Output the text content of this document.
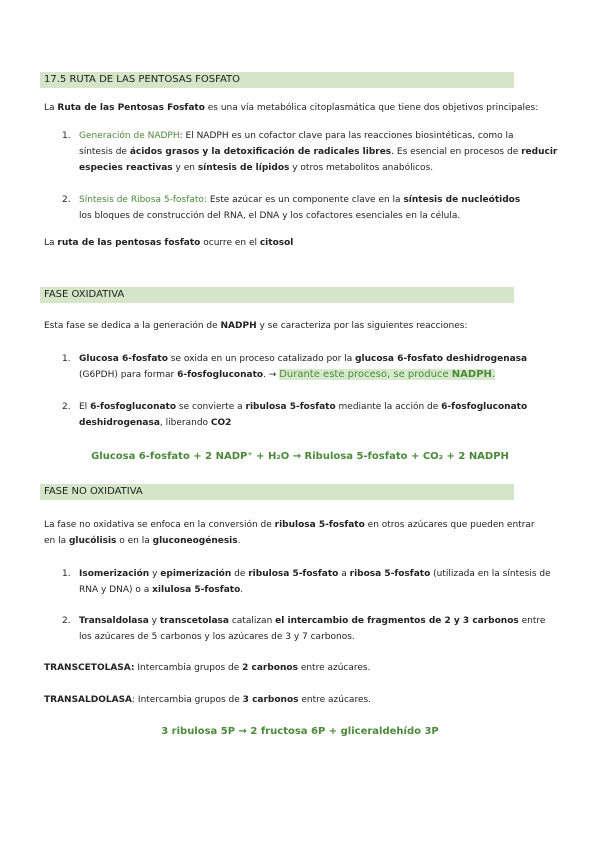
17.5 RUTA DE LAS PENTOSAS FOSFATO
La Ruta de las Pentosas Fosfato es una vía metabólica citoplasmática que tiene dos objetivos principales:
1. Generación de NADPH: El NADPH es un cofactor clave para las reacciones biosintéticas, como la
síntesis de ácidos grasos y la detoxificación de radicales libres. Es esencial en procesos de reducir
especies reactivas y en síntesis de lípidos y otros metabolitos anabólicos.
2. Síntesis de Ribosa 5-fosfato: Este azúcar es un componente clave en la síntesis de nucleótidos
los bloques de construcción del RNA, el DNA y los cofactores esenciales en la célula.
La ruta de las pentosas fosfato ocurre en el citosol
FASE OXIDATIVA
Esta fase se dedica a la generación de NADPH y se caracteriza por las siguientes reacciones:
1. Glucosa 6-fosfato se oxida en un proceso catalizado por la glucosa 6-fosfato deshidrogenasa
(G6PDH) para formar 6-fosfogluconato. → Durante este proceso, se produce NADPH.
2. El 6-fosfogluconato se convierte a ribulosa 5-fosfato mediante la acción de 6-fosfogluconato
deshidrogenasa, liberando CO2
Glucosa 6-fosfato + 2 NADP⁺ + H₂O → Ribulosa 5-fosfato + CO₂ + 2 NADPH
FASE NO OXIDATIVA
La fase no oxidativa se enfoca en la conversión de ribulosa 5-fosfato en otros azúcares que pueden entrar
en la glucólisis o en la gluconeogénesis.
1. Isomerización y epimerización de ribulosa 5-fosfato a ribosa 5-fosfato (utilizada en la síntesis de
RNA y DNA) o a xilulosa 5-fosfato.
2. Transaldolasa y transcetolasa catalizan el intercambio de fragmentos de 2 y 3 carbonos entre
los azúcares de 5 carbonos y los azúcares de 3 y 7 carbonos.
TRANSCETOLASA: Intercambia grupos de 2 carbonos entre azúcares.
TRANSALDOLASA: Intercambia grupos de 3 carbonos entre azúcares.
3 ribulosa 5P → 2 fructosa 6P + gliceraldehído 3P
